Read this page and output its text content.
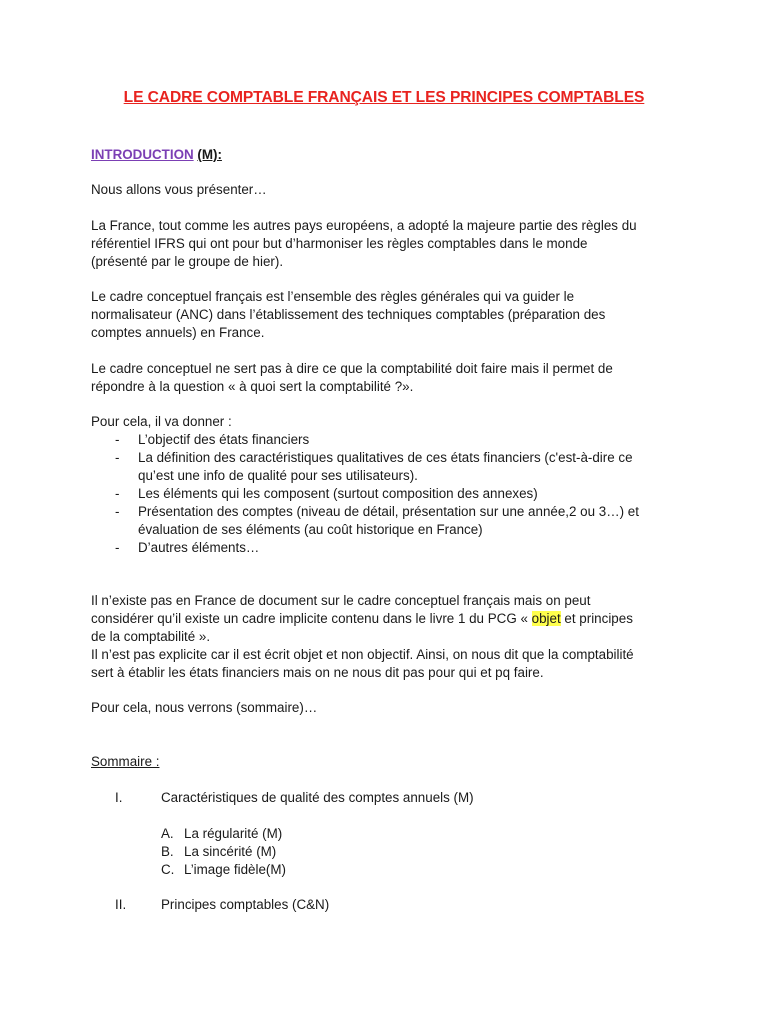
LE CADRE COMPTABLE FRANÇAIS ET LES PRINCIPES COMPTABLES
INTRODUCTION (M):
Nous allons vous présenter…
La France, tout comme les autres pays européens, a adopté la majeure partie des règles du
référentiel IFRS qui ont pour but d’harmoniser les règles comptables dans le monde
(présenté par le groupe de hier).
Le cadre conceptuel français est l’ensemble des règles générales qui va guider le
normalisateur (ANC) dans l’établissement des techniques comptables (préparation des
comptes annuels) en France.
Le cadre conceptuel ne sert pas à dire ce que la comptabilité doit faire mais il permet de
répondre à la question « à quoi sert la comptabilité ?».
Pour cela, il va donner :
- L’objectif des états financiers
- La définition des caractéristiques qualitatives de ces états financiers (c'est-à-dire ce
qu’est une info de qualité pour ses utilisateurs).
- Les éléments qui les composent (surtout composition des annexes)
- Présentation des comptes (niveau de détail, présentation sur une année,2 ou 3…) et
évaluation de ses éléments (au coût historique en France)
- D’autres éléments…
Il n’existe pas en France de document sur le cadre conceptuel français mais on peut
considérer qu’il existe un cadre implicite contenu dans le livre 1 du PCG « objet et principes
de la comptabilité ».
Il n’est pas explicite car il est écrit objet et non objectif. Ainsi, on nous dit que la comptabilité
sert à établir les états financiers mais on ne nous dit pas pour qui et pq faire.
Pour cela, nous verrons (sommaire)…
Sommaire :
I.	Caractéristiques de qualité des comptes annuels (M)
A. La régularité (M)
B. La sincérité (M)
C. L’image fidèle(M)
II.	Principes comptables (C&N)
